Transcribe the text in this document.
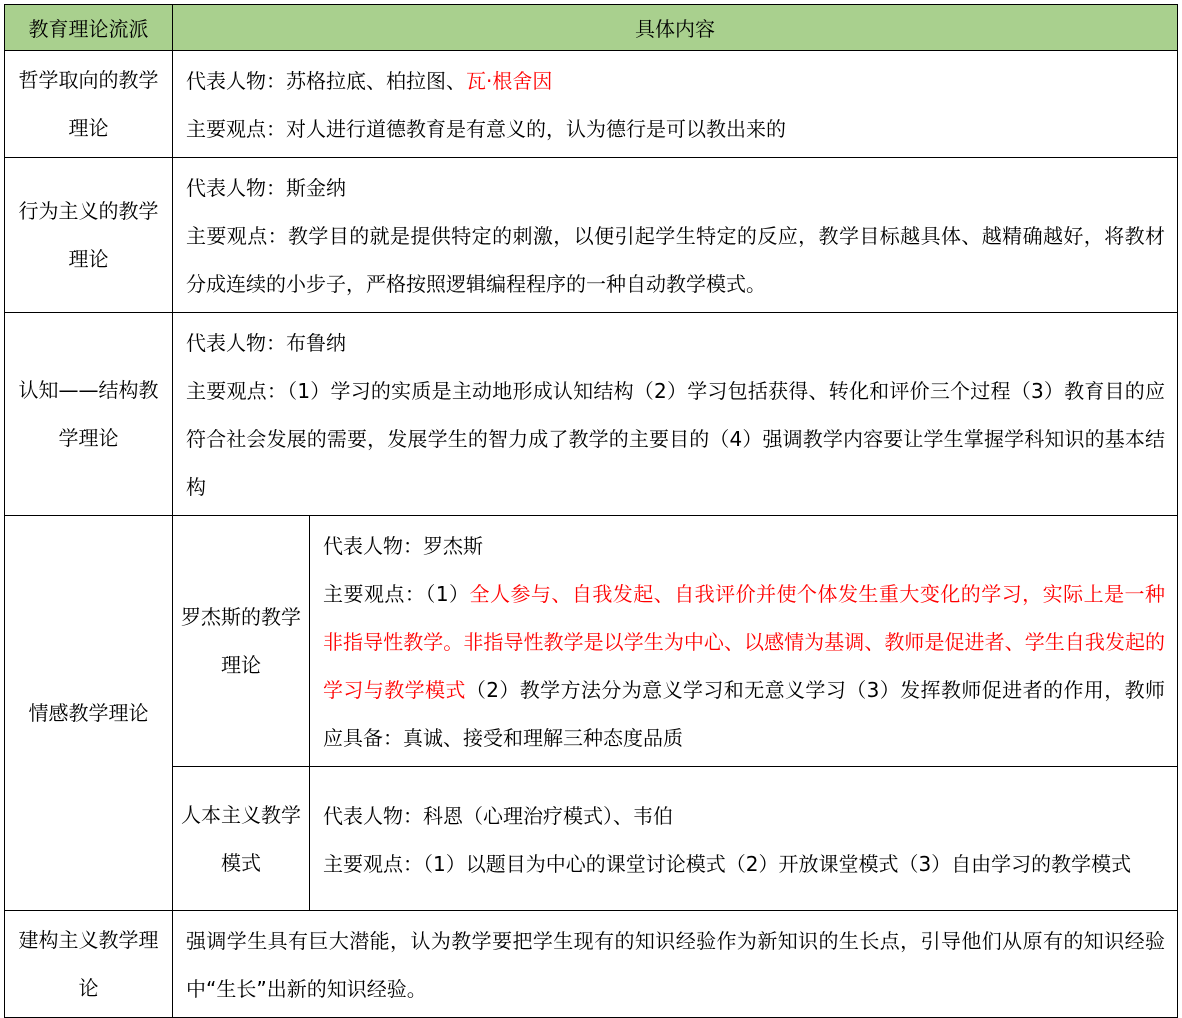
教育理论流派	具体内容	
哲学取向的教学理论	代表人物：苏格拉底、柏拉图、瓦·根舍因

主要观点：对人进行道德教育是有意义的，认为德行是可以教出来的	

行为主义的教学理论	代表人物：斯金纳

主要观点：教学目的就是提供特定的刺激，以便引起学生特定的反应，教学目标越具体、越精确越好，将教材分成连续的小步子，严格按照逻辑编程程序的一种自动教学模式。	

认知——结构教学理论	代表人物：布鲁纳

主要观点：（1）学习的实质是主动地形成认知结构（2）学习包括获得、转化和评价三个过程（3）教育目的应符合社会发展的需要，发展学生的智力成了教学的主要目的（4）强调教学内容要让学生掌握学科知识的基本结构	

情感教学理论	罗杰斯的教学理论	代表人物：罗杰斯

主要观点：（1）全人参与、自我发起、自我评价并使个体发生重大变化的学习，实际上是一种非指导性教学。非指导性教学是以学生为中心、以感情为基调、教师是促进者、学生自我发起的学习与教学模式（2）教学方法分为意义学习和无意义学习（3）发挥教师促进者的作用，教师应具备：真诚、接受和理解三种态度品质

	人本主义教学模式	代表人物：科恩（心理治疗模式）、韦伯

主要观点：（1）以题目为中心的课堂讨论模式（2）开放课堂模式（3）自由学习的教学模式

建构主义教学理论	强调学生具有巨大潜能，认为教学要把学生现有的知识经验作为新知识的生长点，引导他们从原有的知识经验中“生长”出新的知识经验。	
